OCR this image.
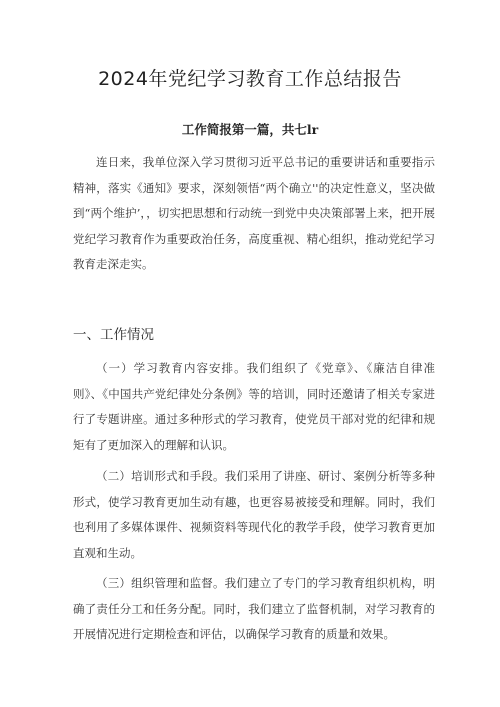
2024年党纪学习教育工作总结报告
工作简报第一篇，共七lr

连日来，我单位深入学习贯彻习近平总书记的重要讲话和重要指示精神，落实《通知》要求，深刻领悟“两个确立''的决定性意义，坚决做到“两个维护’，，切实把思想和行动统一到党中央决策部署上来，把开展党纪学习教育作为重要政治任务，高度重视、精心组织，推动党纪学习教育走深走实。

一、工作情况

（一）学习教育内容安排。我们组织了《党章》、《廉洁自律准则》、《中国共产党纪律处分条例》等的培训，同时还邀请了相关专家进行了专题讲座。通过多种形式的学习教育，使党员干部对党的纪律和规矩有了更加深入的理解和认识。

（二）培训形式和手段。我们采用了讲座、研讨、案例分析等多种形式，使学习教育更加生动有趣，也更容易被接受和理解。同时，我们也利用了多媒体课件、视频资料等现代化的教学手段，使学习教育更加直观和生动。

（三）组织管理和监督。我们建立了专门的学习教育组织机构，明确了责任分工和任务分配。同时，我们建立了监督机制，对学习教育的开展情况进行定期检查和评估，以确保学习教育的质量和效果。
